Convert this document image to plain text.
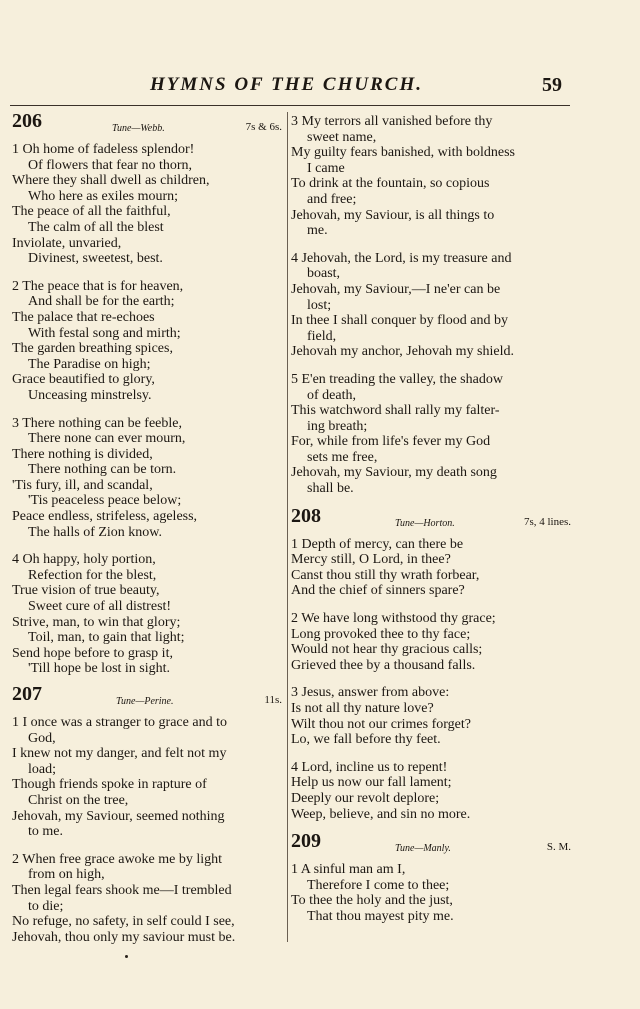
HYMNS OF THE CHURCH.	59
206	Tune—Webb.	7s & 6s.
1 Oh home of fadeless splendor!
Of flowers that fear no thorn,
Where they shall dwell as children,
Who here as exiles mourn;
The peace of all the faithful,
The calm of all the blest
Inviolate, unvaried,
Divinest, sweetest, best.
2 The peace that is for heaven,
And shall be for the earth;
The palace that re-echoes
With festal song and mirth;
The garden breathing spices,
The Paradise on high;
Grace beautified to glory,
Unceasing minstrelsy.
3 There nothing can be feeble,
There none can ever mourn,
There nothing is divided,
There nothing can be torn.
'Tis fury, ill, and scandal,
'Tis peaceless peace below;
Peace endless, strifeless, ageless,
The halls of Zion know.
4 Oh happy, holy portion,
Refection for the blest,
True vision of true beauty,
Sweet cure of all distrest!
Strive, man, to win that glory;
Toil, man, to gain that light;
Send hope before to grasp it,
'Till hope be lost in sight.
207	Tune—Perine.	11s.
1 I once was a stranger to grace and to
God,
I knew not my danger, and felt not my
load;
Though friends spoke in rapture of
Christ on the tree,
Jehovah, my Saviour, seemed nothing
to me.
2 When free grace awoke me by light
from on high,
Then legal fears shook me—I trembled
to die;
No refuge, no safety, in self could I see,
Jehovah, thou only my saviour must be.
3 My terrors all vanished before thy
sweet name,
My guilty fears banished, with boldness
I came
To drink at the fountain, so copious
and free;
Jehovah, my Saviour, is all things to
me.
4 Jehovah, the Lord, is my treasure and
boast,
Jehovah, my Saviour,—I ne'er can be
lost;
In thee I shall conquer by flood and by
field,
Jehovah my anchor, Jehovah my shield.
5 E'en treading the valley, the shadow
of death,
This watchword shall rally my falter-
ing breath;
For, while from life's fever my God
sets me free,
Jehovah, my Saviour, my death song
shall be.
208	Tune—Horton.	7s, 4 lines.
1 Depth of mercy, can there be
Mercy still, O Lord, in thee?
Canst thou still thy wrath forbear,
And the chief of sinners spare?
2 We have long withstood thy grace;
Long provoked thee to thy face;
Would not hear thy gracious calls;
Grieved thee by a thousand falls.
3 Jesus, answer from above:
Is not all thy nature love?
Wilt thou not our crimes forget?
Lo, we fall before thy feet.
4 Lord, incline us to repent!
Help us now our fall lament;
Deeply our revolt deplore;
Weep, believe, and sin no more.
209	Tune—Manly.	S. M.
1 A sinful man am I,
Therefore I come to thee;
To thee the holy and the just,
That thou mayest pity me.
